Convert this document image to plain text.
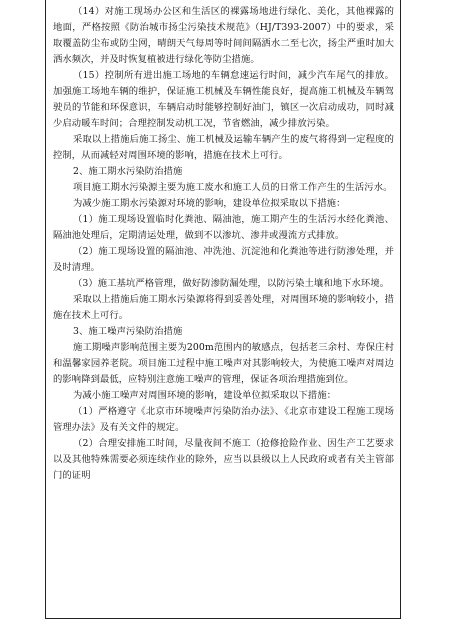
（14）对施工现场办公区和生活区的裸露场地进行绿化、美化，其他裸露的地面，严格按照《防治城市扬尘污染技术规范》（HJ/T393-2007）中的要求，采取覆盖防尘布或防尘网，晴朗天气每周等时间间隔洒水二至七次，扬尘严重时加大洒水频次，并及时恢复植被进行绿化等防尘措施。

（15）控制所有进出施工场地的车辆怠速运行时间，减少汽车尾气的排放。加强施工场地车辆的维护，保证施工机械及车辆性能良好，提高施工机械及车辆驾驶员的节能和环保意识，车辆启动时能够控制好油门，镇区一次启动成功，同时减少启动暖车时间；合理控制发动机工况，节省燃油，减少排放污染。

采取以上措施后施工扬尘、施工机械及运输车辆产生的废气将得到一定程度的控制，从而减轻对周围环境的影响，措施在技术上可行。

2、施工期水污染防治措施

项目施工期水污染源主要为施工废水和施工人员的日常工作产生的生活污水。

为减少施工期水污染源对环境的影响，建设单位拟采取以下措施：

（1）施工现场设置临时化粪池、隔油池，施工期产生的生活污水经化粪池、隔油池处理后，定期清运处理，做到不以渗坑、渗井或漫流方式排放。

（2）施工现场设置的隔油池、冲洗池、沉淀池和化粪池等进行防渗处理，并及时清理。

（3）施工基坑严格管理，做好防渗防漏处理，以防污染土壤和地下水环境。

采取以上措施后施工期水污染源将得到妥善处理，对周围环境的影响较小，措施在技术上可行。

3、施工噪声污染防治措施

施工期噪声影响范围主要为200m范围内的敏感点，包括老三余村、寿保庄村和温馨家园养老院。项目施工过程中施工噪声对其影响较大，为使施工噪声对周边的影响降到最低，应特别注意施工噪声的管理，保证各项治理措施到位。

为减小施工噪声对周围环境的影响，建设单位拟采取以下措施：

（1）严格遵守《北京市环境噪声污染防治办法》、《北京市建设工程施工现场管理办法》及有关文件的规定。

（2）合理安排施工时间，尽量夜间不施工（抢修抢险作业、因生产工艺要求以及其他特殊需要必须连续作业的除外，应当以县级以上人民政府或者有关主管部门的证明
